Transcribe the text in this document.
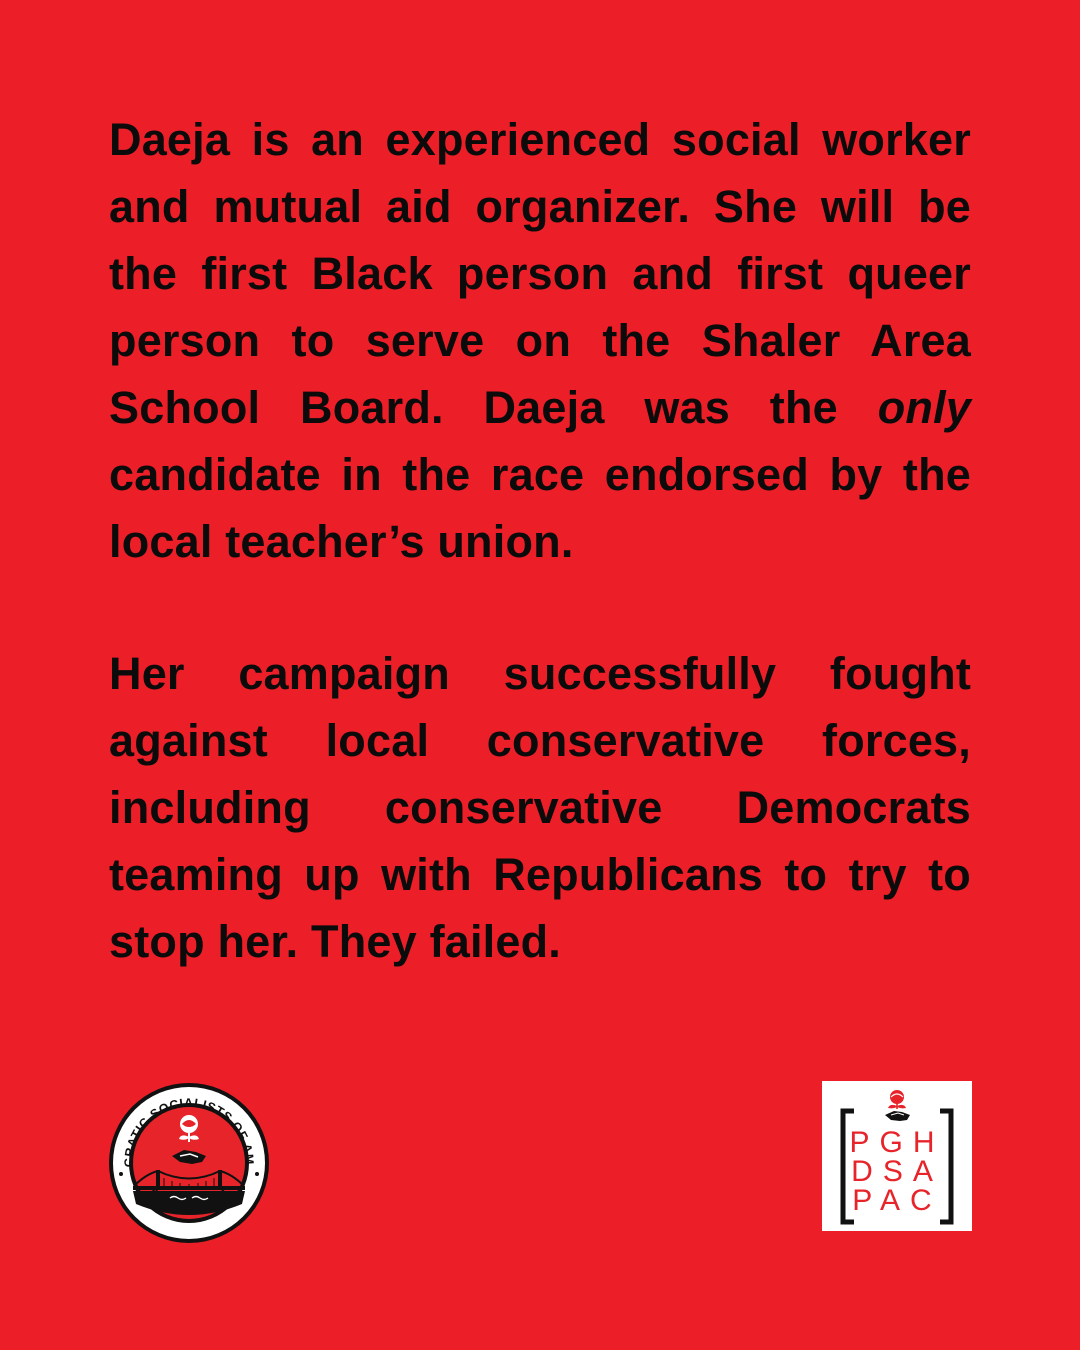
Daeja is an experienced social worker and mutual aid organizer. She will be the first Black person and first queer person to serve on the Shaler Area School Board. Daeja was the only candidate in the race endorsed by the local teacher’s union.

Her campaign successfully fought against local conservative forces, including conservative Democrats teaming up with Republicans to try to stop her. They failed.

CRATIC SOCIALISTS OF AM
PGH
DSA
PAC
